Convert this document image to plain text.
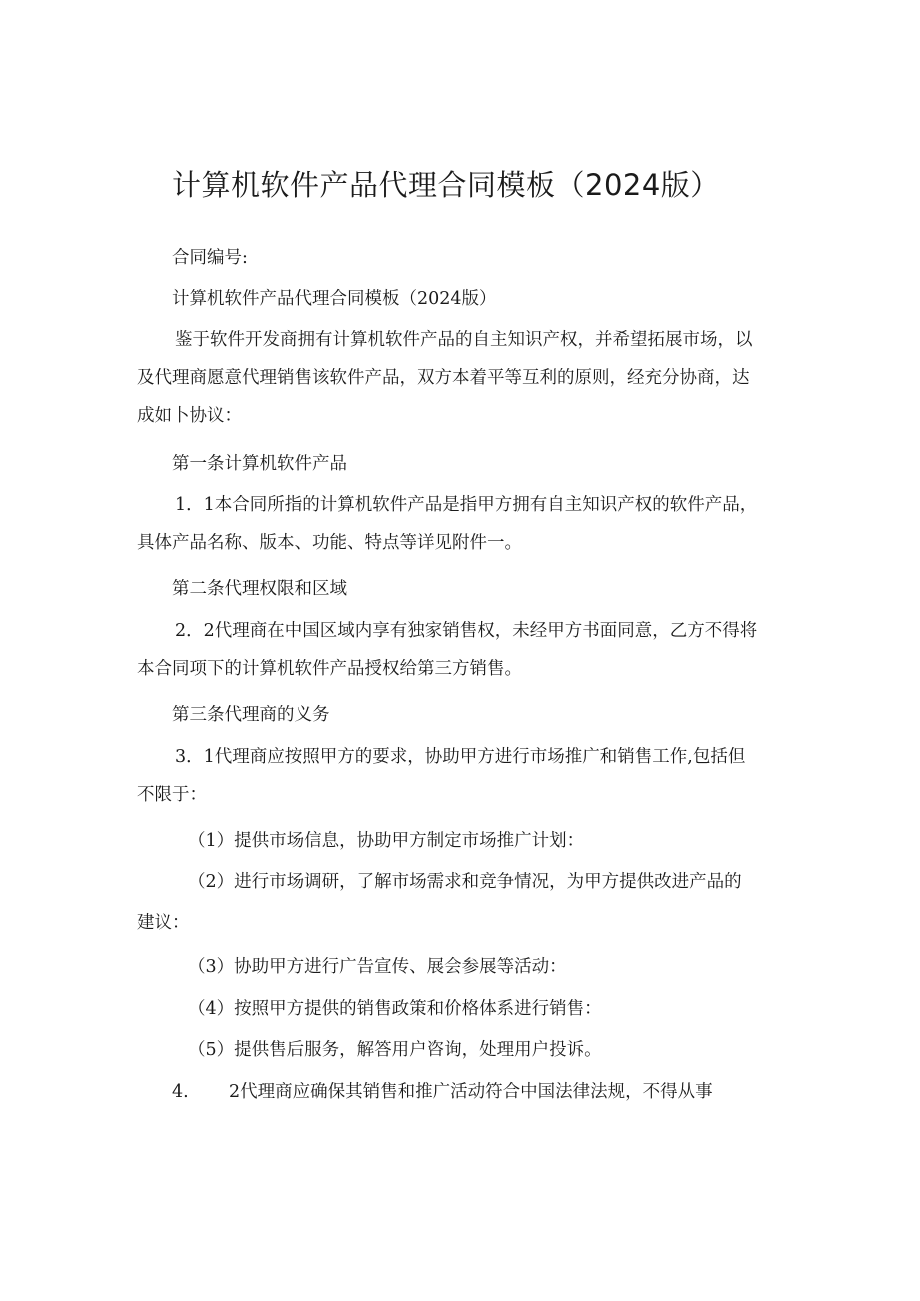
计算机软件产品代理合同模板（2024版）
合同编号:
计算机软件产品代理合同模板（2024版）
鉴于软件开发商拥有计算机软件产品的自主知识产权，并希望拓展市场，以
及代理商愿意代理销售该软件产品，双方本着平等互利的原则，经充分协商，达
成如卜协议：
第一条计算机软件产品
1．1本合同所指的计算机软件产品是指甲方拥有自主知识产权的软件产品，
具体产品名称、版本、功能、特点等详见附件一。
第二条代理权限和区域
2．2代理商在中国区域内享有独家销售权，未经甲方书面同意，乙方不得将
本合同项下的计算机软件产品授权给第三方销售。
第三条代理商的义务
3．1代理商应按照甲方的要求，协助甲方进行市场推广和销售工作,包括但
不限于：
（1）提供市场信息，协助甲方制定市场推广计划：
（2）进行市场调研，了解市场需求和竞争情况，为甲方提供改进产品的
建议：
（3）协助甲方进行广告宣传、展会参展等活动：
（4）按照甲方提供的销售政策和价格体系进行销售：
（5）提供售后服务，解答用户咨询，处理用户投诉。
4. 2代理商应确保其销售和推广活动符合中国法律法规，不得从事
